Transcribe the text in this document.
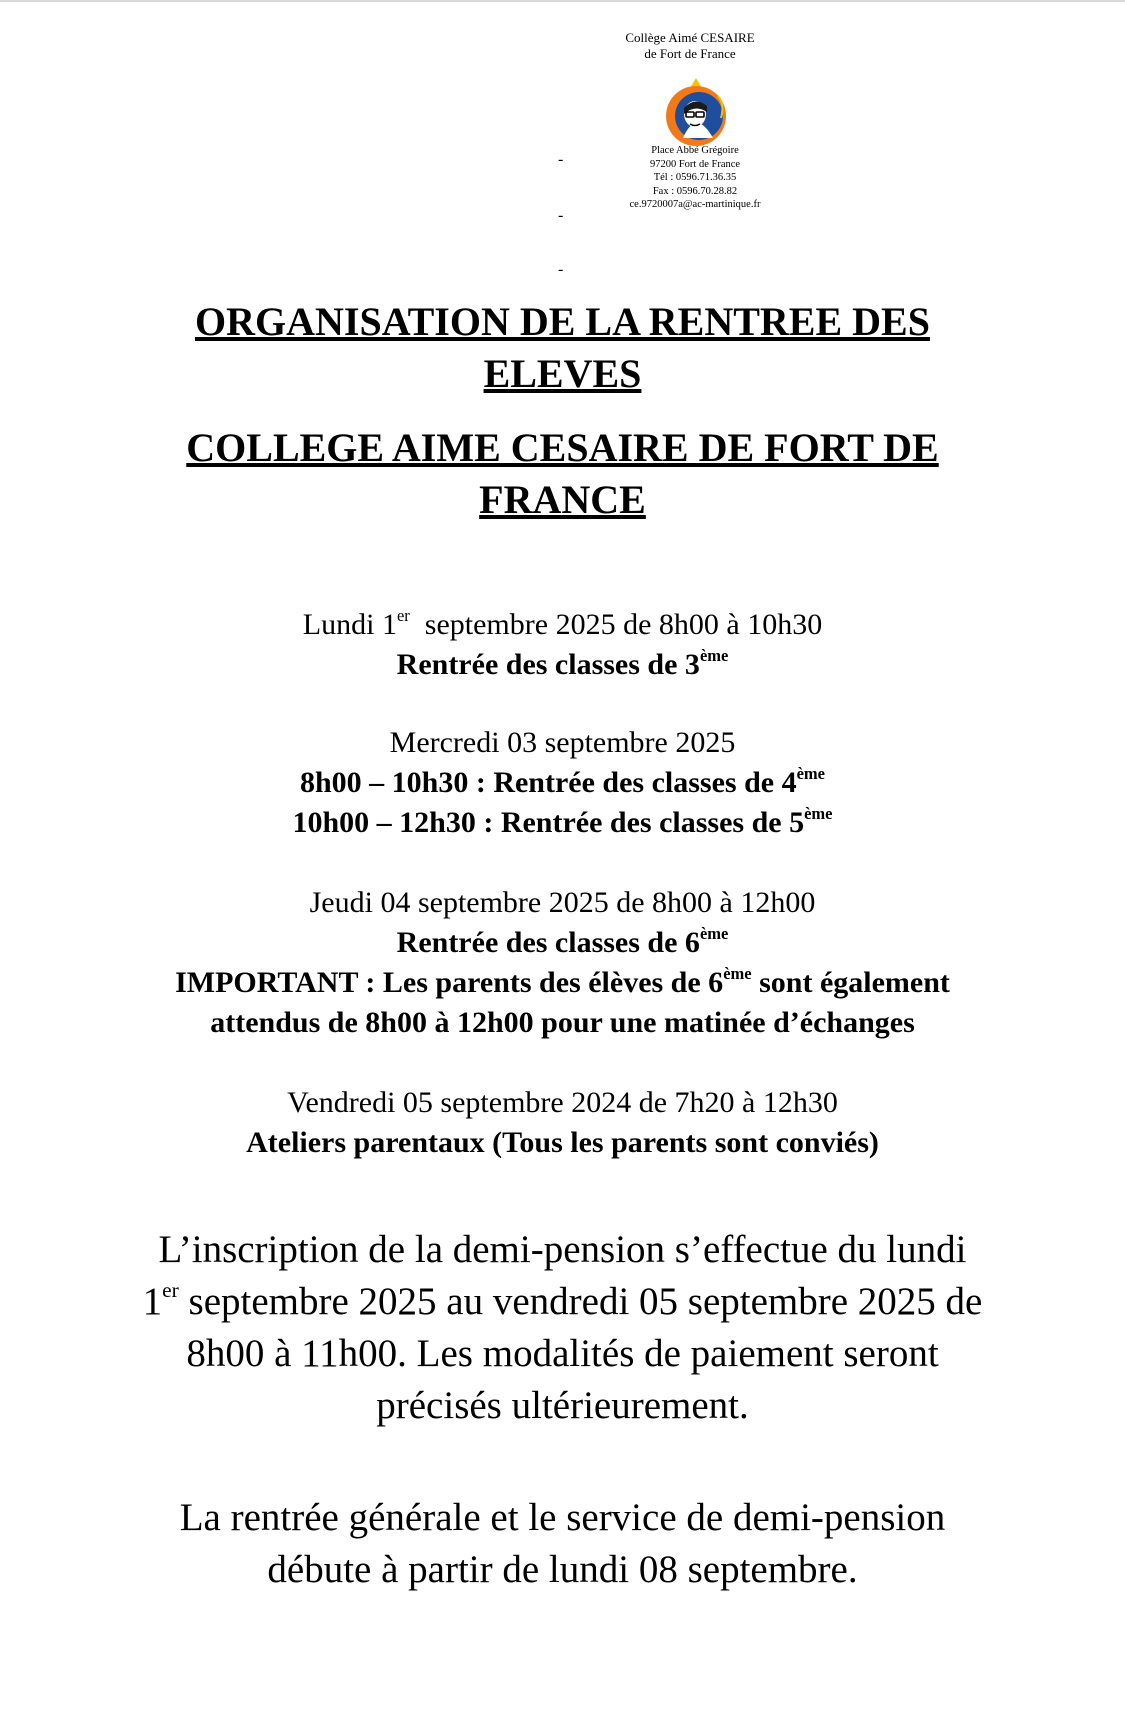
Collège Aimé CESAIRE
de Fort de France
Place Abbé Grégoire
97200 Fort de France
Tél : 0596.71.36.35
Fax : 0596.70.28.82
ce.9720007a@ac-martinique.fr
-
-
-
ORGANISATION DE LA RENTREE DES
ELEVES
COLLEGE AIME CESAIRE DE FORT DE
FRANCE
Lundi 1er  septembre 2025 de 8h00 à 10h30
Rentrée des classes de 3ème
Mercredi 03 septembre 2025
8h00 – 10h30 : Rentrée des classes de 4ème
10h00 – 12h30 : Rentrée des classes de 5ème
Jeudi 04 septembre 2025 de 8h00 à 12h00
Rentrée des classes de 6ème
IMPORTANT : Les parents des élèves de 6ème sont également
attendus de 8h00 à 12h00 pour une matinée d’échanges
Vendredi 05 septembre 2024 de 7h20 à 12h30
Ateliers parentaux (Tous les parents sont conviés)
L’inscription de la demi-pension s’effectue du lundi
1er septembre 2025 au vendredi 05 septembre 2025 de
8h00 à 11h00. Les modalités de paiement seront
précisés ultérieurement.
La rentrée générale et le service de demi-pension
débute à partir de lundi 08 septembre.
